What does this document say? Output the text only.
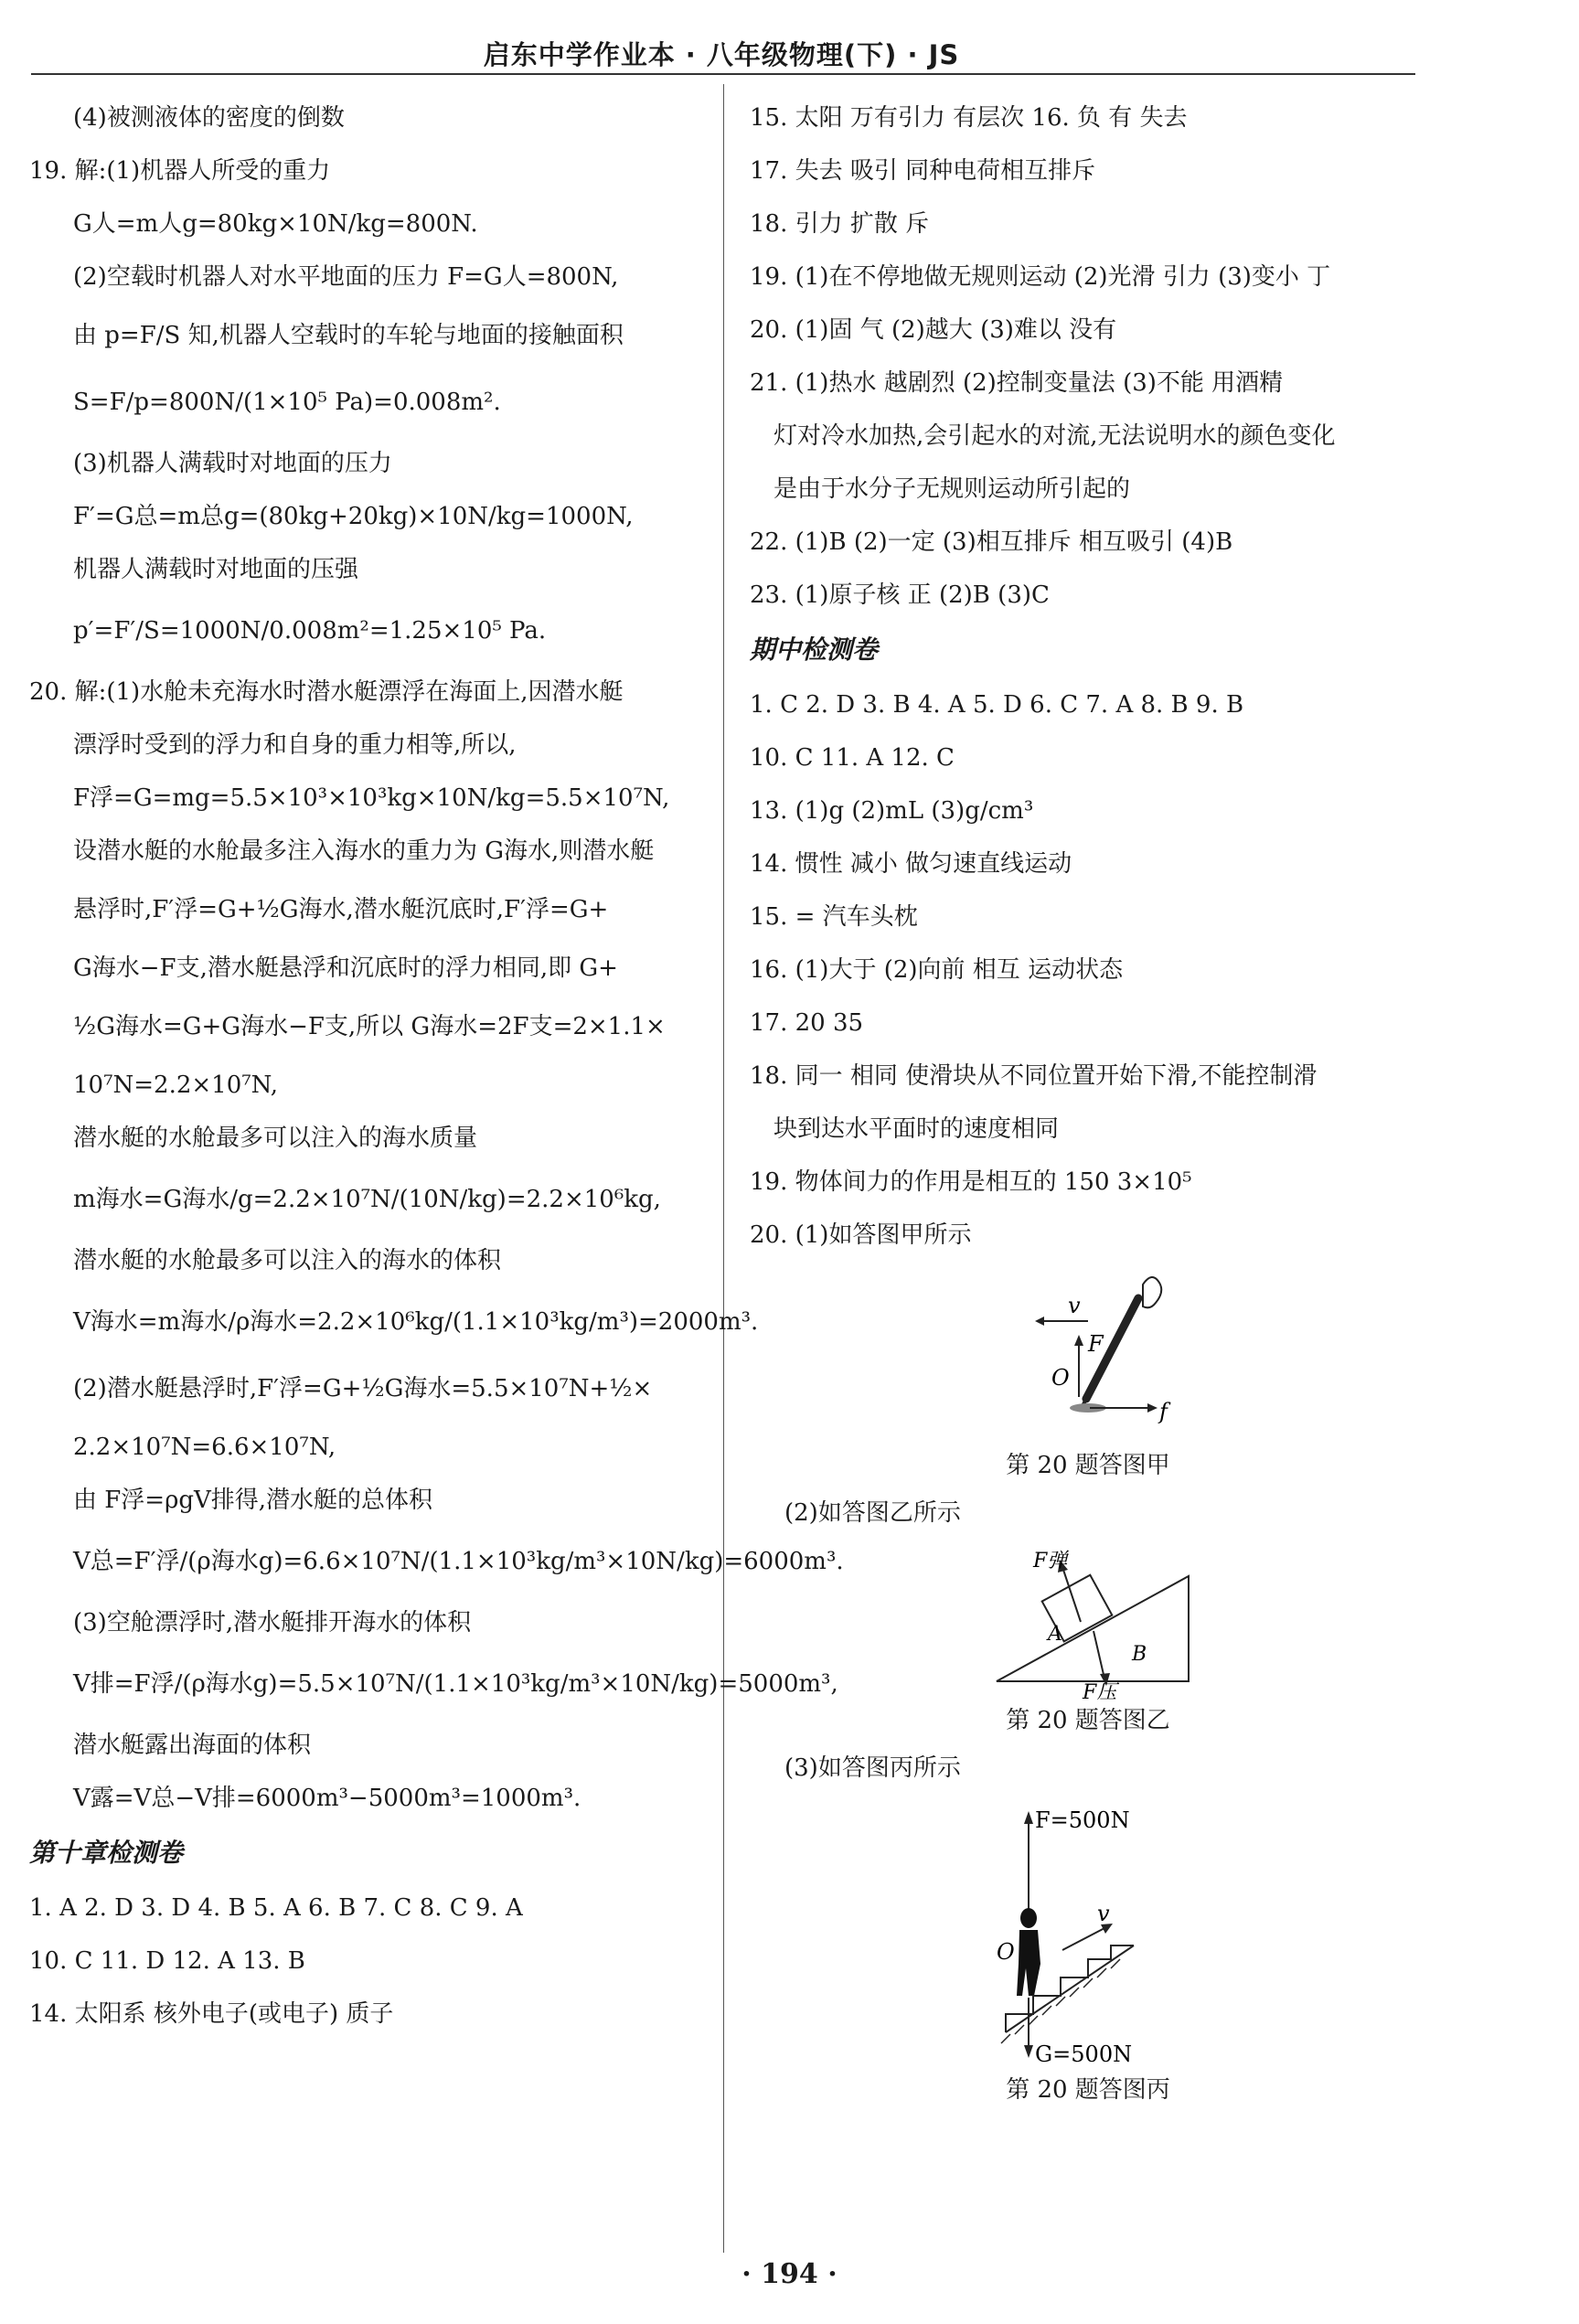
启东中学作业本 · 八年级物理(下) · JS
(4)被测液体的密度的倒数
19. 解:(1)机器人所受的重力
G人=m人g=80kg×10N/kg=800N.
(2)空载时机器人对水平地面的压力 F=G人=800N,
由 p=F/S 知,机器人空载时的车轮与地面的接触面积
S=F/p=800N/(1×10⁵ Pa)=0.008m².
(3)机器人满载时对地面的压力
F′=G总=m总g=(80kg+20kg)×10N/kg=1000N,
机器人满载时对地面的压强
p′=F′/S=1000N/0.008m²=1.25×10⁵ Pa.
20. 解:(1)水舱未充海水时潜水艇漂浮在海面上,因潜水艇
漂浮时受到的浮力和自身的重力相等,所以,
F浮=G=mg=5.5×10³×10³kg×10N/kg=5.5×10⁷N,
设潜水艇的水舱最多注入海水的重力为 G海水,则潜水艇
悬浮时,F′浮=G+½G海水,潜水艇沉底时,F′浮=G+
G海水−F支,潜水艇悬浮和沉底时的浮力相同,即 G+
½G海水=G+G海水−F支,所以 G海水=2F支=2×1.1×
10⁷N=2.2×10⁷N,
潜水艇的水舱最多可以注入的海水质量
m海水=G海水/g=2.2×10⁷N/(10N/kg)=2.2×10⁶kg,
潜水艇的水舱最多可以注入的海水的体积
V海水=m海水/ρ海水=2.2×10⁶kg/(1.1×10³kg/m³)=2000m³.
(2)潜水艇悬浮时,F′浮=G+½G海水=5.5×10⁷N+½×
2.2×10⁷N=6.6×10⁷N,
由 F浮=ρgV排得,潜水艇的总体积
V总=F′浮/(ρ海水g)=6.6×10⁷N/(1.1×10³kg/m³×10N/kg)=6000m³.
(3)空舱漂浮时,潜水艇排开海水的体积
V排=F浮/(ρ海水g)=5.5×10⁷N/(1.1×10³kg/m³×10N/kg)=5000m³,
潜水艇露出海面的体积
V露=V总−V排=6000m³−5000m³=1000m³.
第十章检测卷
1. A 2. D 3. D 4. B 5. A 6. B 7. C 8. C 9. A
10. C 11. D 12. A 13. B
14. 太阳系 核外电子(或电子) 质子
15. 太阳 万有引力 有层次 16. 负 有 失去
17. 失去 吸引 同种电荷相互排斥
18. 引力 扩散 斥
19. (1)在不停地做无规则运动 (2)光滑 引力 (3)变小 丁
20. (1)固 气 (2)越大 (3)难以 没有
21. (1)热水 越剧烈 (2)控制变量法 (3)不能 用酒精
灯对冷水加热,会引起水的对流,无法说明水的颜色变化
是由于水分子无规则运动所引起的
22. (1)B (2)一定 (3)相互排斥 相互吸引 (4)B
23. (1)原子核 正 (2)B (3)C
期中检测卷
1. C 2. D 3. B 4. A 5. D 6. C 7. A 8. B 9. B
10. C 11. A 12. C
13. (1)g (2)mL (3)g/cm³
14. 惯性 减小 做匀速直线运动
15. = 汽车头枕
16. (1)大于 (2)向前 相互 运动状态
17. 20 35
18. 同一 相同 使滑块从不同位置开始下滑,不能控制滑
块到达水平面时的速度相同
19. 物体间力的作用是相互的 150 3×10⁵
20. (1)如答图甲所示
v
F
O
f
第 20 题答图甲
(2)如答图乙所示
F弹
A
B
F压
第 20 题答图乙
(3)如答图丙所示
F=500N
O
v
G=500N
第 20 题答图丙
· 194 ·
